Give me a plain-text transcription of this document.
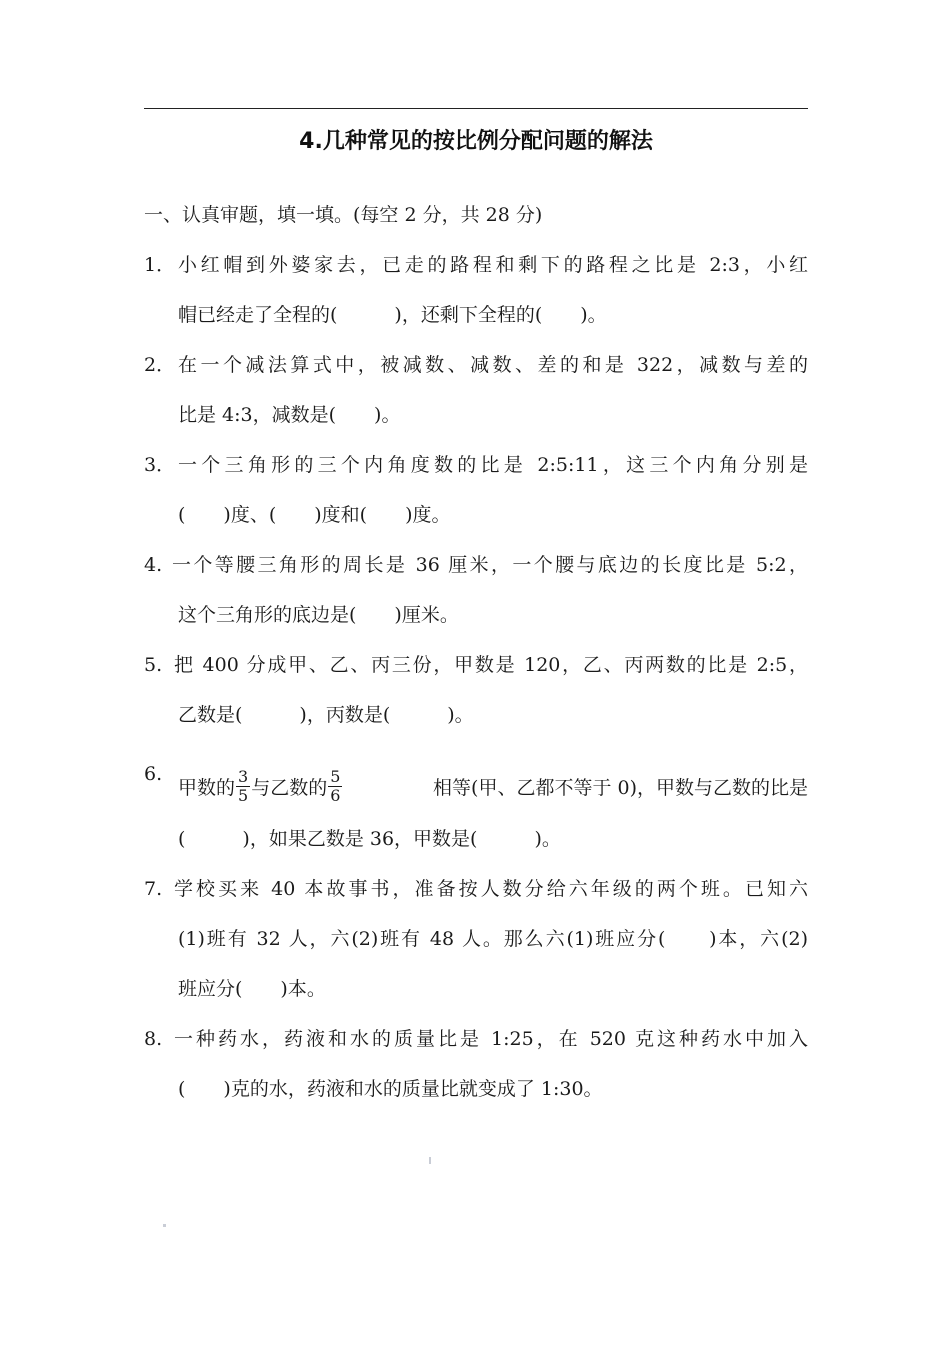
4.几种常见的按比例分配问题的解法
一、认真审题，填一填。(每空 2 分，共 28 分)
1． 小红帽到外婆家去，已走的路程和剩下的路程之比是 2:3，小红
帽已经走了全程的(　　　)，还剩下全程的(　　)。
2． 在一个减法算式中，被减数、减数、差的和是 322，减数与差的
比是 4:3，减数是(　　)。
3． 一个三角形的三个内角度数的比是 2:5:11，这三个内角分别是
(　　)度、(　　)度和(　　)度。
4. 一个等腰三角形的周长是 36 厘米，一个腰与底边的长度比是 5:2，
这个三角形的底边是(　　)厘米。
5. 把 400 分成甲、乙、丙三份，甲数是 120，乙、丙两数的比是 2:5，
乙数是(　　　)，丙数是(　　　)。
6.
甲数的 $\frac{3}{5}$ 与乙数的 $\frac{5}{6}$	相等(甲、乙都不等于 0)，甲数与乙数的比是
(　　　)，如果乙数是 36，甲数是(　　　)。
7. 学校买来 40 本故事书，准备按人数分给六年级的两个班。已知六
(1)班有 32 人，六(2)班有 48 人。那么六(1)班应分(　　)本，六(2)
班应分(　　)本。
8. 一种药水，药液和水的质量比是 1:25，在 520 克这种药水中加入
(　　)克的水，药液和水的质量比就变成了 1:30。
